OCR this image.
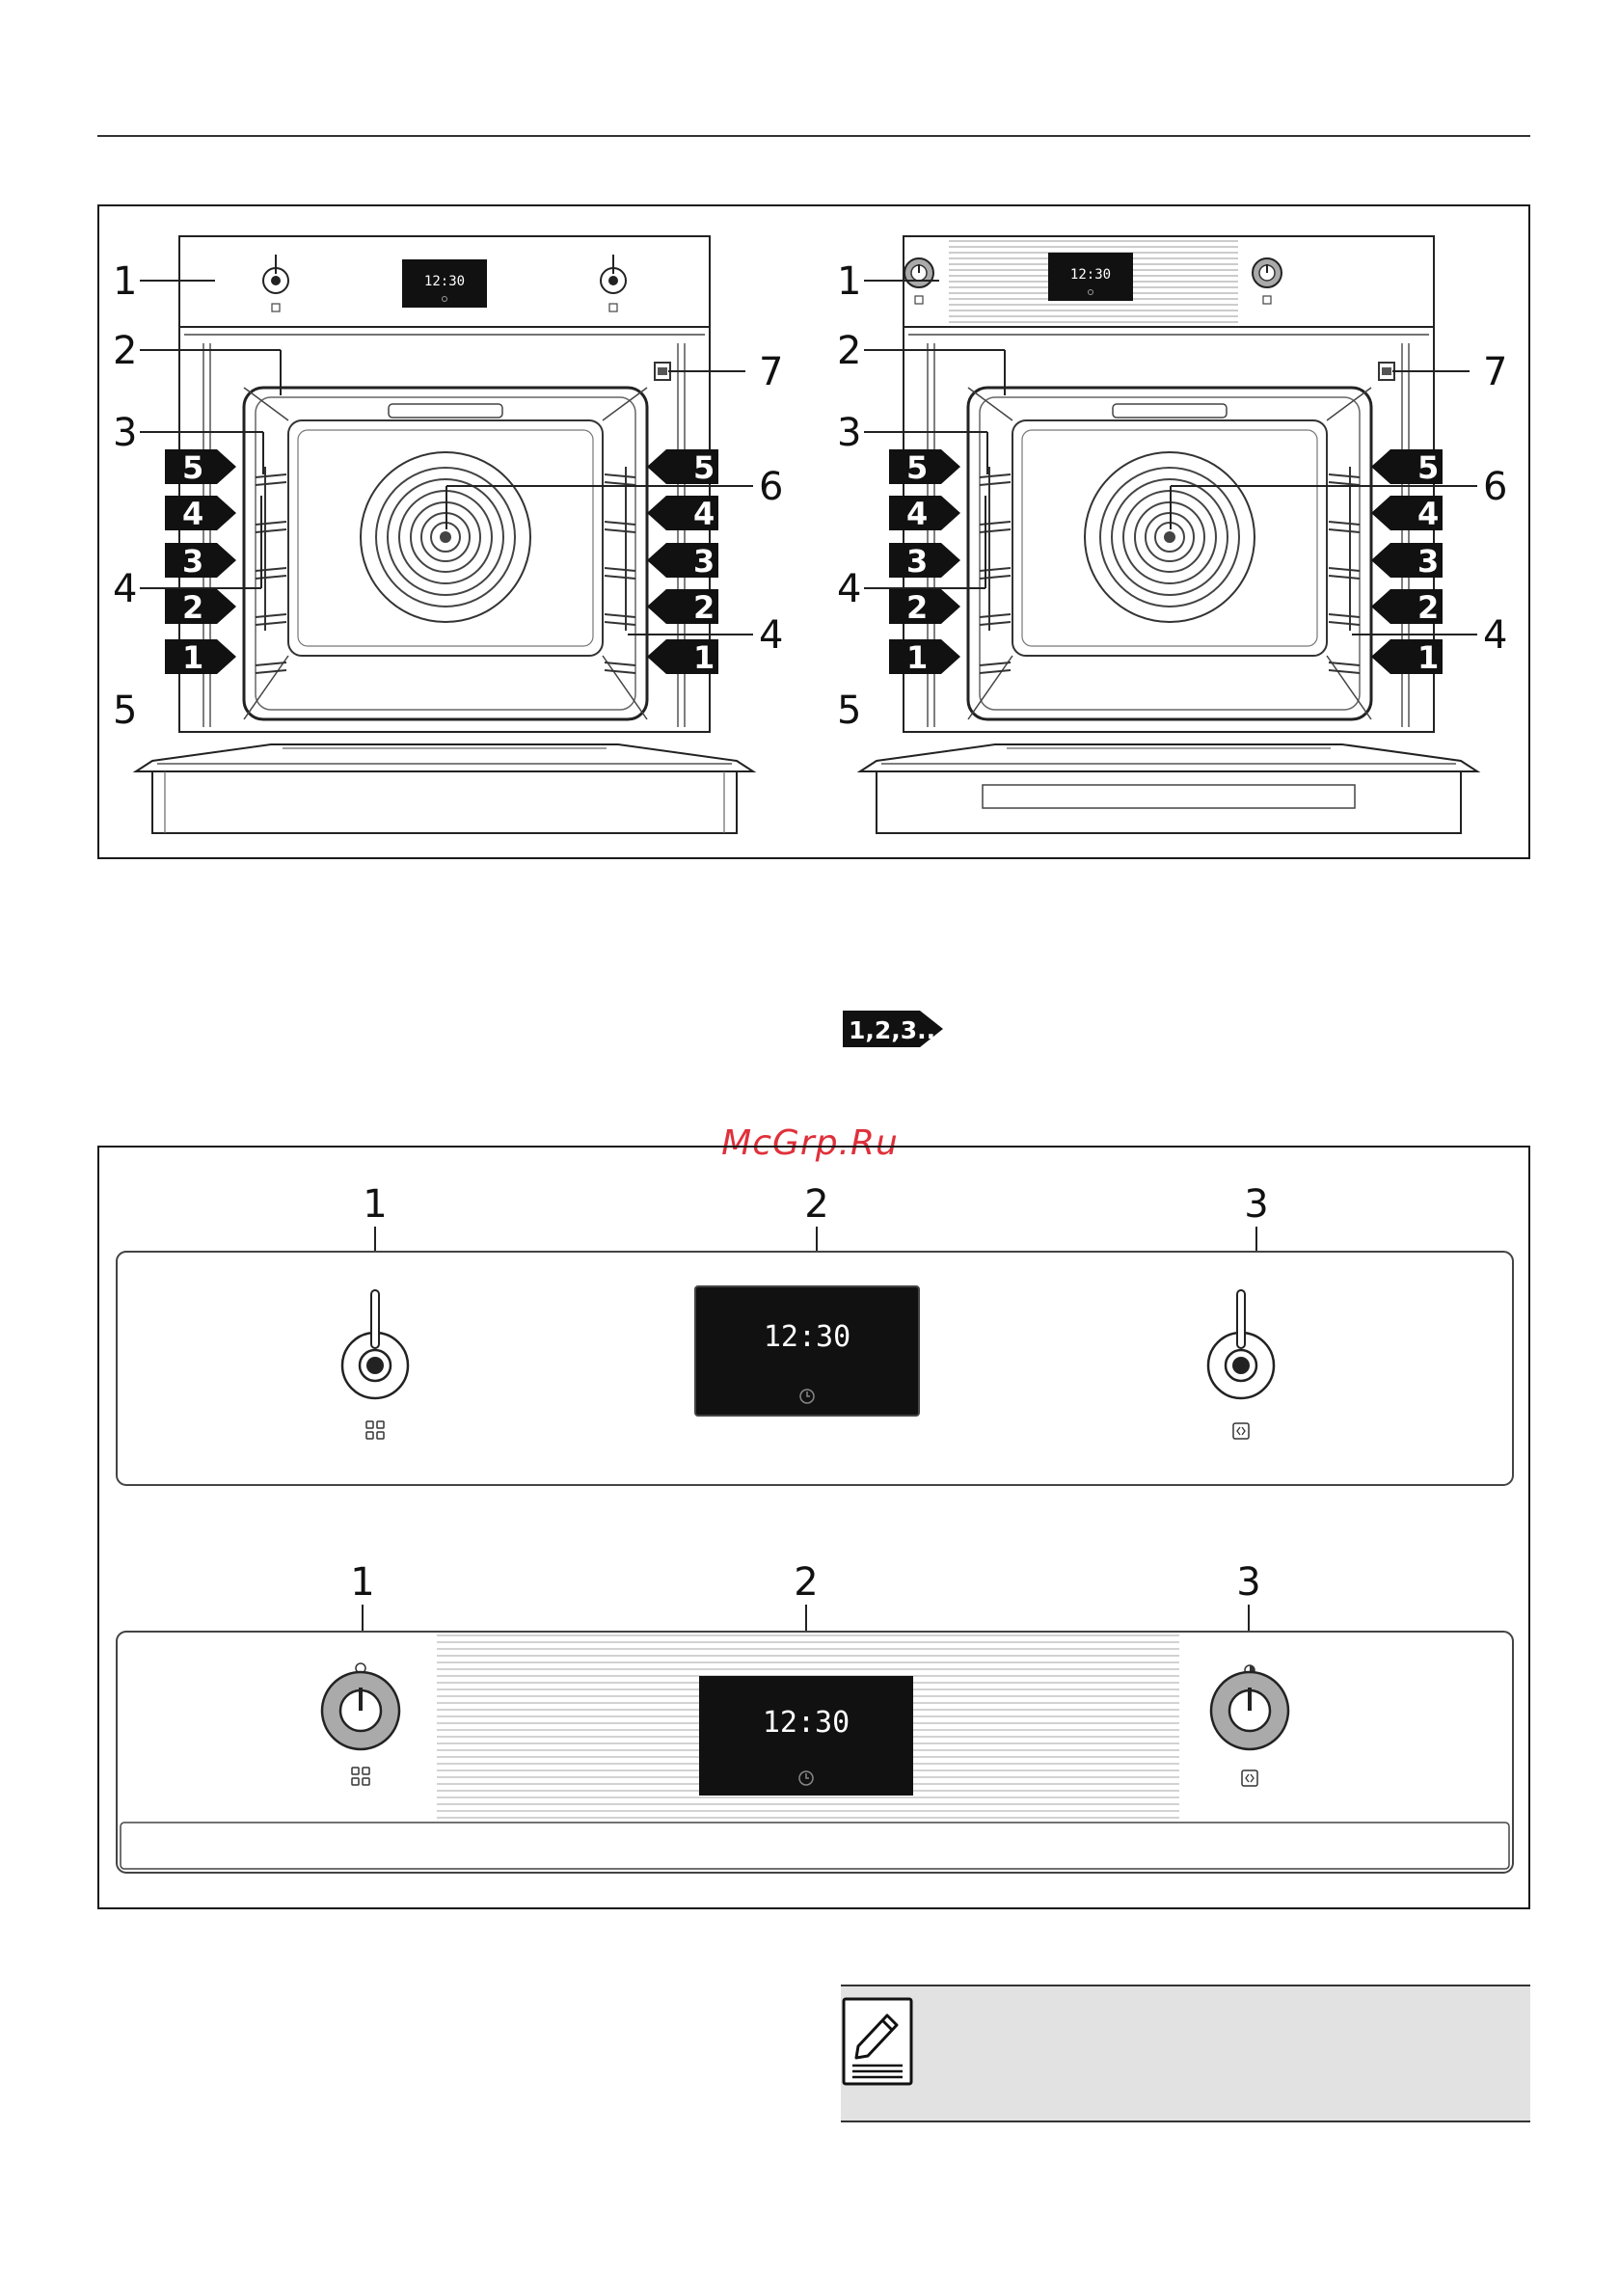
12:30	12:30
5
4
3
2
1
5
4
3
2
1
5
4
3
2
1
5
4
3
2
1
1
2
3
4
5
7
6
4
1
2
3
4
5
7
6
4
1,2,3...
McGrp.Ru
1	2	3
12:30
1	2	3
12:30
